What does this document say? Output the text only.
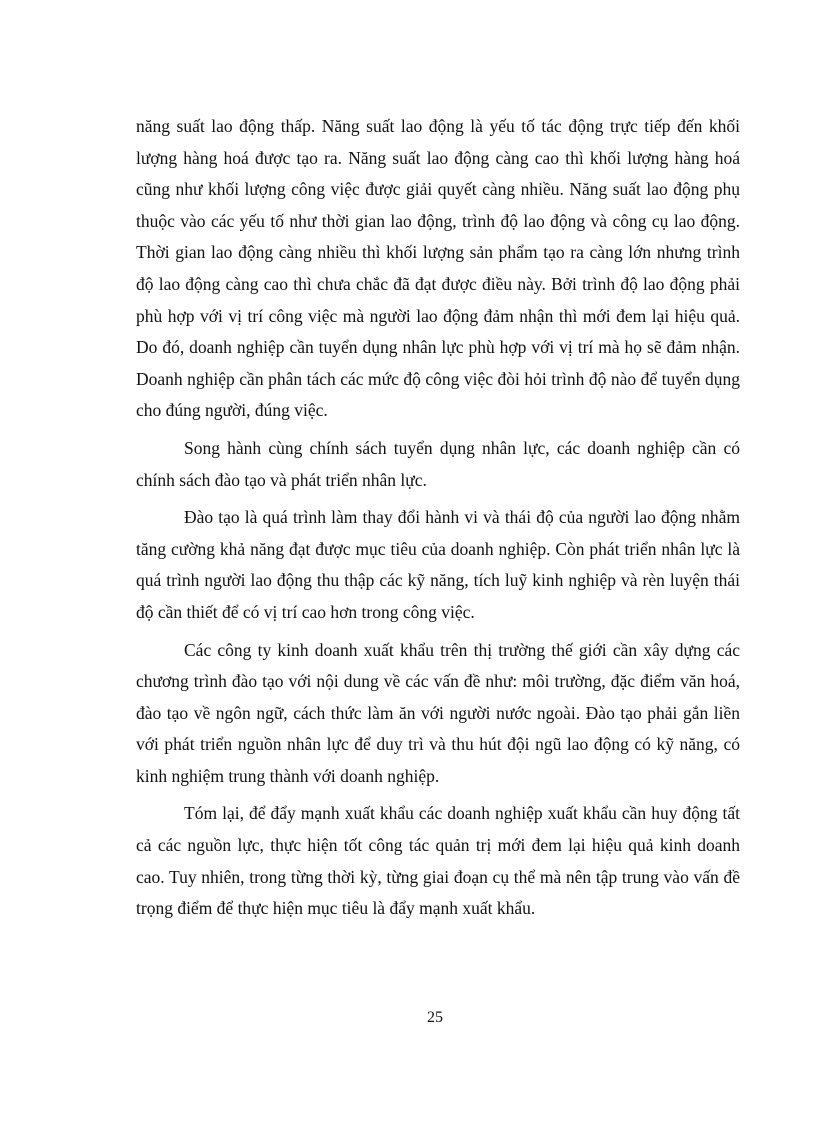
năng suất lao động thấp. Năng suất lao động là yếu tố tác động trực tiếp đến khối lượng hàng hoá được tạo ra. Năng suất lao động càng cao thì khối lượng hàng hoá cũng như khối lượng công việc được giải quyết càng nhiều. Năng suất lao động phụ thuộc vào các yếu tố như thời gian lao động, trình độ lao động và công cụ lao động. Thời gian lao động càng nhiều thì khối lượng sản phẩm tạo ra càng lớn nhưng trình độ lao động càng cao thì chưa chắc đã đạt được điều này. Bởi trình độ lao động phải phù hợp với vị trí công việc mà người lao động đảm nhận thì mới đem lại hiệu quả. Do đó, doanh nghiệp cần tuyển dụng nhân lực phù hợp với vị trí mà họ sẽ đảm nhận. Doanh nghiệp cần phân tách các mức độ công việc đòi hỏi trình độ nào để tuyển dụng cho đúng người, đúng việc.

Song hành cùng chính sách tuyển dụng nhân lực, các doanh nghiệp cần có chính sách đào tạo và phát triển nhân lực.

Đào tạo là quá trình làm thay đổi hành vi và thái độ của người lao động nhằm tăng cường khả năng đạt được mục tiêu của doanh nghiệp. Còn phát triển nhân lực là quá trình người lao động thu thập các kỹ năng, tích luỹ kinh nghiệp và rèn luyện thái độ cần thiết để có vị trí cao hơn trong công việc.

Các công ty kinh doanh xuất khẩu trên thị trường thế giới cần xây dựng các chương trình đào tạo với nội dung về các vấn đề như: môi trường, đặc điểm văn hoá, đào tạo về ngôn ngữ, cách thức làm ăn với người nước ngoài. Đào tạo phải gắn liền với phát triển nguồn nhân lực để duy trì và thu hút đội ngũ lao động có kỹ năng, có kinh nghiệm trung thành với doanh nghiệp.

Tóm lại, để đẩy mạnh xuất khẩu các doanh nghiệp xuất khẩu cần huy động tất cả các nguồn lực, thực hiện tốt công tác quản trị mới đem lại hiệu quả kinh doanh cao. Tuy nhiên, trong từng thời kỳ, từng giai đoạn cụ thể mà nên tập trung vào vấn đề trọng điểm để thực hiện mục tiêu là đẩy mạnh xuất khẩu.

25
